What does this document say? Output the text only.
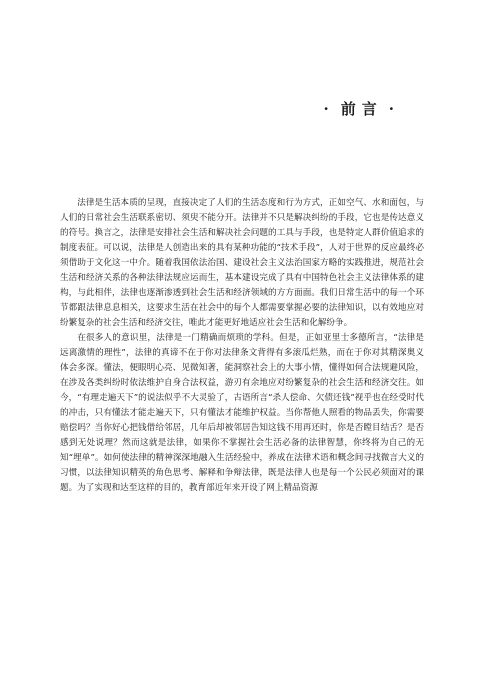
· 前 言 ·

法律是生活本质的呈现，直接决定了人们的生活态度和行为方式，正如空气、水和面包，与人们的日常社会生活联系密切、须臾不能分开。法律并不只是解决纠纷的手段，它也是传达意义的符号。换言之，法律是安排社会生活和解决社会问题的工具与手段，也是特定人群价值追求的制度表征。可以说，法律是人创造出来的具有某种功能的“技术手段”，人对于世界的反应最终必须借助于文化这一中介。随着我国依法治国、建设社会主义法治国家方略的实践推进，规范社会生活和经济关系的各种法律法规应运而生，基本建设完成了具有中国特色社会主义法律体系的建构，与此相伴，法律也逐渐渗透到社会生活和经济领域的方方面面。我们日常生活中的每一个环节都跟法律息息相关，这要求生活在社会中的每个人都需要掌握必要的法律知识，以有效地应对纷繁复杂的社会生活和经济交往，唯此才能更好地适应社会生活和化解纷争。

在很多人的意识里，法律是一门精确而烦琐的学科。但是，正如亚里士多德所言，“法律是远离激情的理性”，法律的真谛不在于你对法律条文背得有多滚瓜烂熟，而在于你对其精深奥义体会多深。懂法，便眼明心亮、见微知著，能洞察社会上的大事小情，懂得如何合法规避风险，在涉及各类纠纷时依法维护自身合法权益，游刃有余地应对纷繁复杂的社会生活和经济交往。如今，“有理走遍天下”的说法似乎不大灵验了，古语所言“杀人偿命、欠债还钱”视乎也在经受时代的冲击，只有懂法才能走遍天下，只有懂法才能维护权益。当你帮他人照看的物品丢失，你需要赔偿吗？当你好心把钱借给邻居，几年后却被邻居告知这钱不用再还时，你是否瞠目结舌？是否感到无处说理？然而这就是法律，如果你不掌握社会生活必备的法律智慧，你终将为自己的无知“埋单”。如何使法律的精神深深地融入生活经验中，养成在法律术语和概念间寻找微言大义的习惯，以法律知识精英的角色思考、解释和争辩法律，既是法律人也是每一个公民必须面对的课题。为了实现和达至这样的目的，教育部近年来开设了网上精品资源
